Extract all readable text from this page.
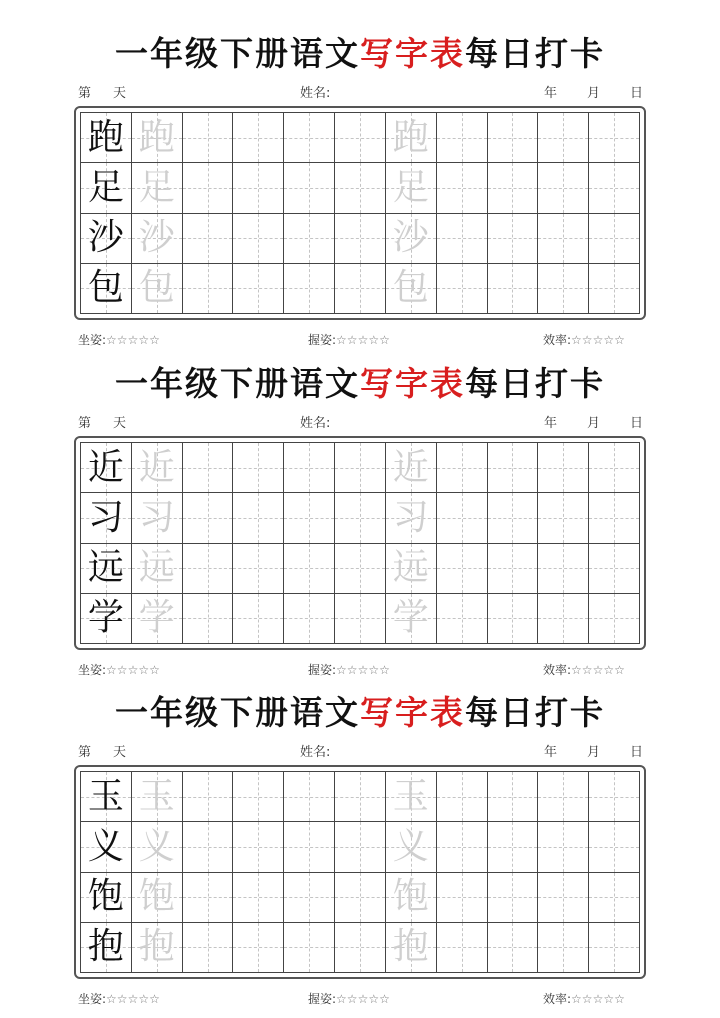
一年级下册语文写字表每日打卡
第 天	姓名:	年 月 日
跑 跑	跑
足 足	足
沙 沙	沙
包 包	包
坐姿:☆☆☆☆☆	握姿:☆☆☆☆☆	效率:☆☆☆☆☆
一年级下册语文写字表每日打卡
第 天	姓名:	年 月 日
近 近	近
习 习	习
远 远	远
学 学	学
坐姿:☆☆☆☆☆	握姿:☆☆☆☆☆	效率:☆☆☆☆☆
一年级下册语文写字表每日打卡
第 天	姓名:	年 月 日
玉 玉	玉
义 义	义
饱 饱	饱
抱 抱	抱
坐姿:☆☆☆☆☆	握姿:☆☆☆☆☆	效率:☆☆☆☆☆
